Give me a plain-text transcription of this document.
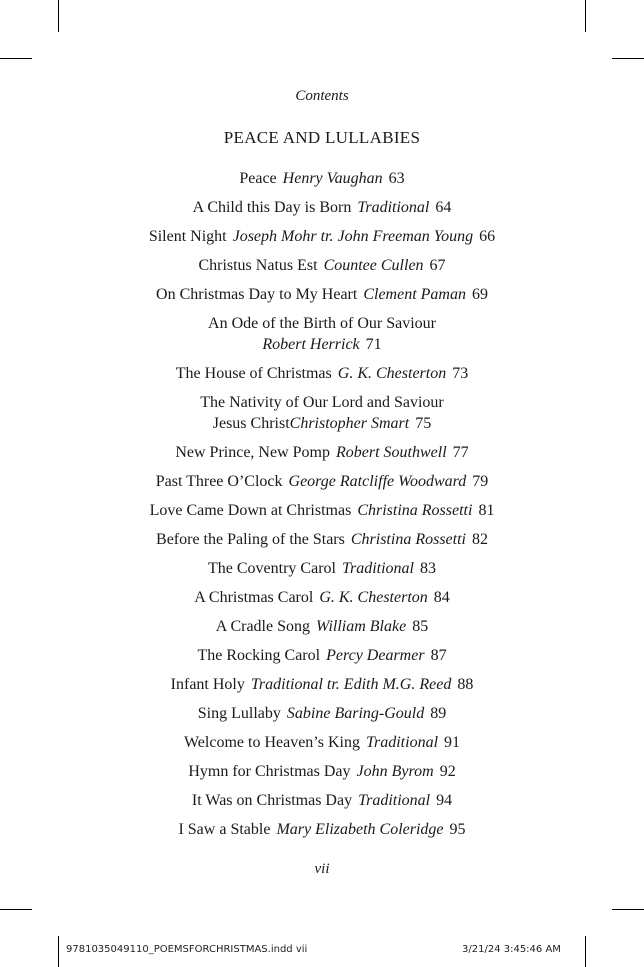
Contents
PEACE AND LULLABIES
Peace Henry Vaughan 63
A Child this Day is Born Traditional 64
Silent Night Joseph Mohr tr. John Freeman Young 66
Christus Natus Est Countee Cullen 67
On Christmas Day to My Heart Clement Paman 69
An Ode of the Birth of Our Saviour
Robert Herrick 71
The House of Christmas G. K. Chesterton 73
The Nativity of Our Lord and Saviour
Jesus ChristChristopher Smart 75
New Prince, New Pomp Robert Southwell 77
Past Three O’Clock George Ratcliffe Woodward 79
Love Came Down at Christmas Christina Rossetti 81
Before the Paling of the Stars Christina Rossetti 82
The Coventry Carol Traditional 83
A Christmas Carol G. K. Chesterton 84
A Cradle Song William Blake 85
The Rocking Carol Percy Dearmer 87
Infant Holy Traditional tr. Edith M.G. Reed 88
Sing Lullaby Sabine Baring-Gould 89
Welcome to Heaven’s King Traditional 91
Hymn for Christmas Day John Byrom 92
It Was on Christmas Day Traditional 94
I Saw a Stable Mary Elizabeth Coleridge 95
vii
9781035049110_POEMSFORCHRISTMAS.indd vii	3/21/24 3:45:46 AM
